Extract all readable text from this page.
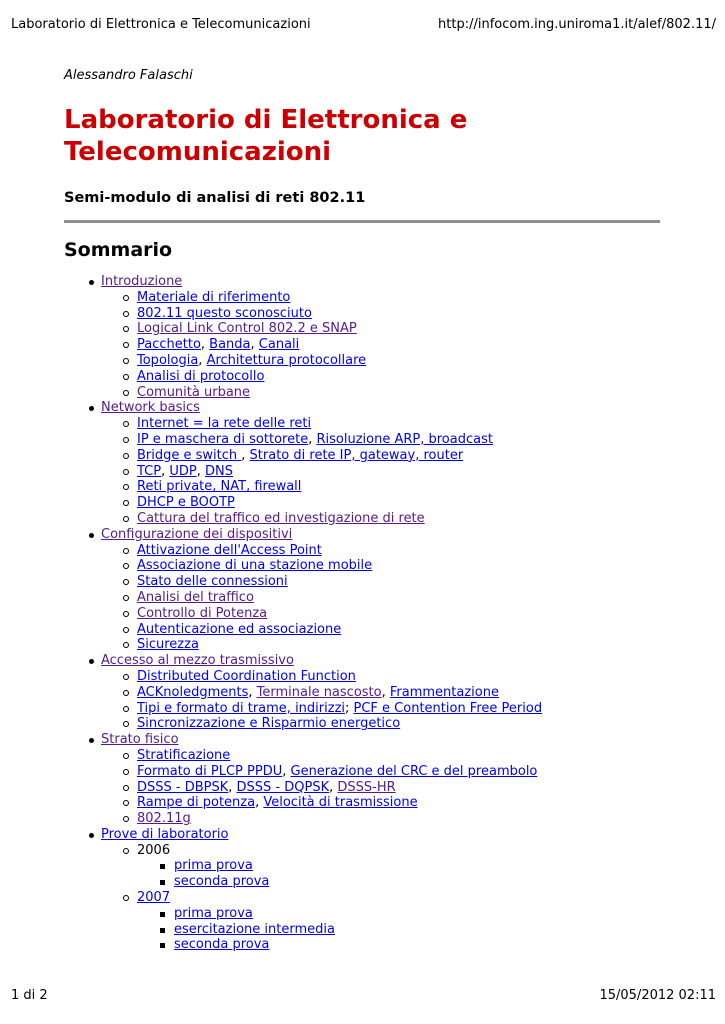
Laboratorio di Elettronica e Telecomunicazioni	http://infocom.ing.uniroma1.it/alef/802.11/

Alessandro Falaschi

Laboratorio di Elettronica e Telecomunicazioni
Semi-modulo di analisi di reti 802.11
Sommario
Introduzione
Materiale di riferimento
802.11 questo sconosciuto
Logical Link Control 802.2 e SNAP
Pacchetto, Banda, Canali
Topologia, Architettura protocollare
Analisi di protocollo
Comunità urbane
Network basics
Internet = la rete delle reti
IP e maschera di sottorete, Risoluzione ARP, broadcast
Bridge e switch , Strato di rete IP, gateway, router
TCP, UDP, DNS
Reti private, NAT, firewall
DHCP e BOOTP
Cattura del traffico ed investigazione di rete
Configurazione dei dispositivi
Attivazione dell'Access Point
Associazione di una stazione mobile
Stato delle connessioni
Analisi del traffico
Controllo di Potenza
Autenticazione ed associazione
Sicurezza
Accesso al mezzo trasmissivo
Distributed Coordination Function
ACKnoledgments, Terminale nascosto, Frammentazione
Tipi e formato di trame, indirizzi; PCF e Contention Free Period
Sincronizzazione e Risparmio energetico
Strato fisico
Stratificazione
Formato di PLCP PPDU, Generazione del CRC e del preambolo
DSSS - DBPSK, DSSS - DQPSK, DSSS-HR
Rampe di potenza, Velocità di trasmissione
802.11g
Prove di laboratorio
2006
prima prova
seconda prova
2007
prima prova
esercitazione intermedia
seconda prova
1 di 2	15/05/2012 02:11
